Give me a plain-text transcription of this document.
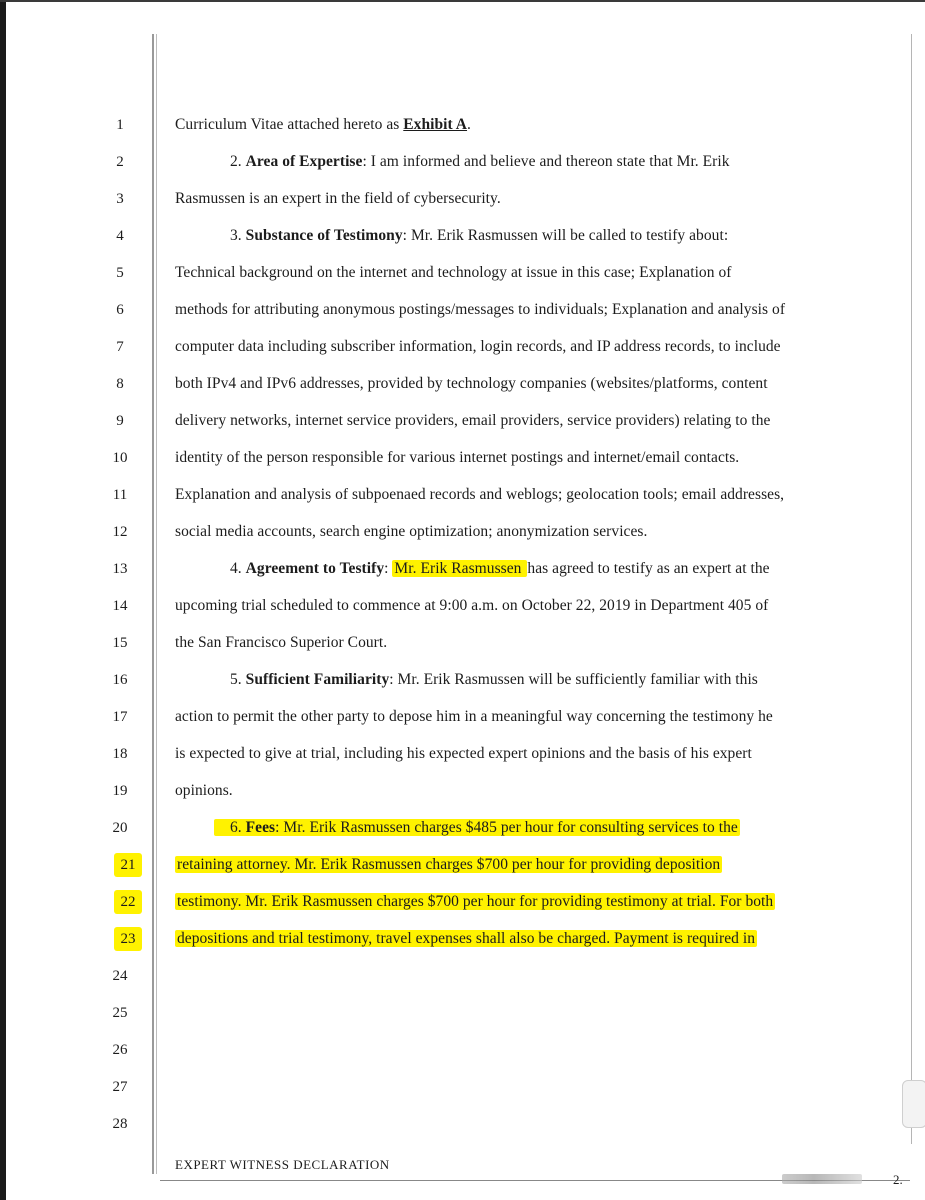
1
2
3
4
5
6
7
8
9
10
11
12
13
14
15
16
17
18
19
20
21
22
23
24
25
26
27
28
Curriculum Vitae attached hereto as Exhibit A.
2. Area of Expertise: I am informed and believe and thereon state that Mr. Erik
Rasmussen is an expert in the field of cybersecurity.
3. Substance of Testimony: Mr. Erik Rasmussen will be called to testify about:
Technical background on the internet and technology at issue in this case; Explanation of
methods for attributing anonymous postings/messages to individuals; Explanation and analysis of
computer data including subscriber information, login records, and IP address records, to include
both IPv4 and IPv6 addresses, provided by technology companies (websites/platforms, content
delivery networks, internet service providers, email providers, service providers) relating to the
identity of the person responsible for various internet postings and internet/email contacts.
Explanation and analysis of subpoenaed records and weblogs; geolocation tools; email addresses,
social media accounts, search engine optimization; anonymization services.
4. Agreement to Testify: Mr. Erik Rasmussen has agreed to testify as an expert at the
upcoming trial scheduled to commence at 9:00 a.m. on October 22, 2019 in Department 405 of
the San Francisco Superior Court.
5. Sufficient Familiarity: Mr. Erik Rasmussen will be sufficiently familiar with this
action to permit the other party to depose him in a meaningful way concerning the testimony he
is expected to give at trial, including his expected expert opinions and the basis of his expert
opinions.
6. Fees: Mr. Erik Rasmussen charges $485 per hour for consulting services to the
retaining attorney. Mr. Erik Rasmussen charges $700 per hour for providing deposition
testimony. Mr. Erik Rasmussen charges $700 per hour for providing testimony at trial. For both
depositions and trial testimony, travel expenses shall also be charged. Payment is required in
EXPERT WITNESS DECLARATION
2.
